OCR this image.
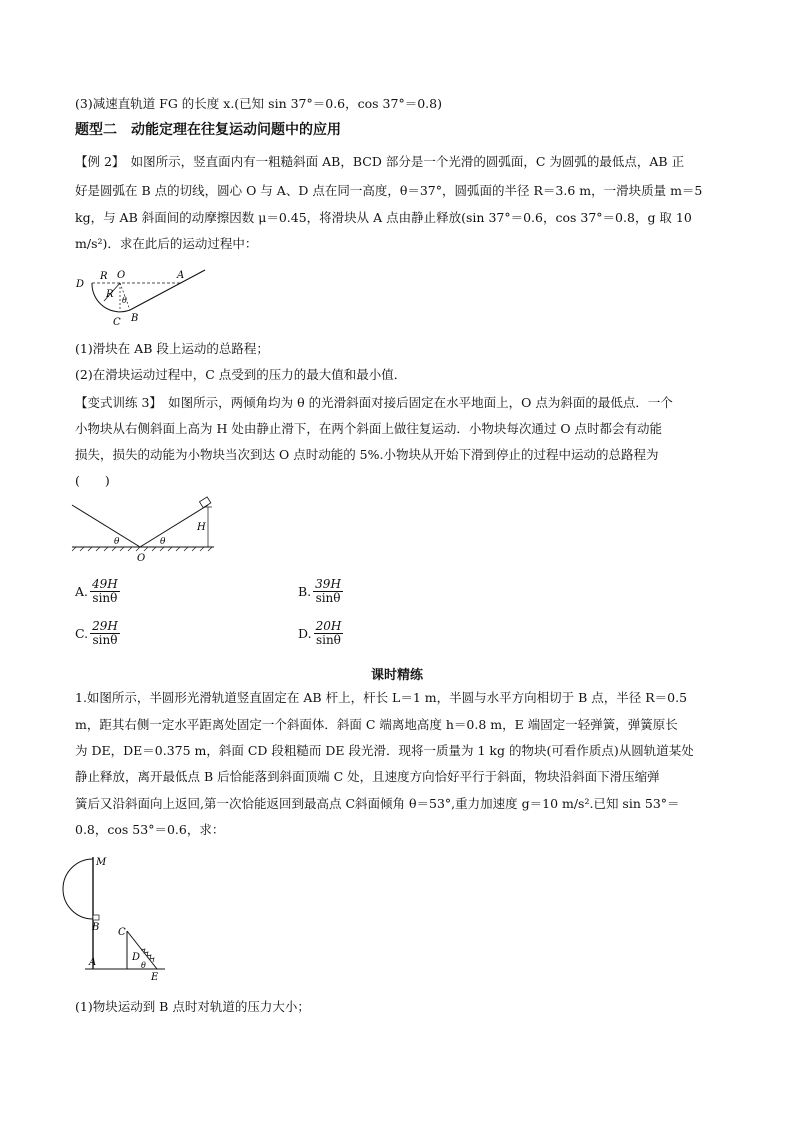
(3)减速直轨道 FG 的长度 x.(已知 sin 37°＝0.6，cos 37°＝0.8)
题型二　动能定理在往复运动问题中的应用
【例 2】　如图所示，竖直面内有一粗糙斜面 AB，BCD 部分是一个光滑的圆弧面，C 为圆弧的最低点，AB 正
好是圆弧在 B 点的切线，圆心 O 与 A、D 点在同一高度，θ＝37°，圆弧面的半径 R＝3.6 m，一滑块质量 m＝5
kg，与 AB 斜面间的动摩擦因数 μ＝0.45，将滑块从 A 点由静止释放(sin 37°＝0.6，cos 37°＝0.8，g 取 10
m/s²)．求在此后的运动过程中：
D
R O	A
R
θ
C B
(1)滑块在 AB 段上运动的总路程；
(2)在滑块运动过程中，C 点受到的压力的最大值和最小值．
【变式训练 3】　如图所示，两倾角均为 θ 的光滑斜面对接后固定在水平地面上，O 点为斜面的最低点．一个
小物块从右侧斜面上高为 H 处由静止滑下，在两个斜面上做往复运动．小物块每次通过 O 点时都会有动能
损失，损失的动能为小物块当次到达 O 点时动能的 5%.小物块从开始下滑到停止的过程中运动的总路程为
(　　)
θ
O
θ
H
A. $\frac{49H}{\sin\theta}$	B. $\frac{39H}{\sin\theta}$
C. $\frac{29H}{\sin\theta}$	D. $\frac{20H}{\sin\theta}$
课时精练
1.如图所示，半圆形光滑轨道竖直固定在 AB 杆上，杆长 L＝1 m，半圆与水平方向相切于 B 点，半径 R＝0.5
m，距其右侧一定水平距离处固定一个斜面体．斜面 C 端离地高度 h＝0.8 m，E 端固定一轻弹簧，弹簧原长
为 DE，DE＝0.375 m，斜面 CD 段粗糙而 DE 段光滑．现将一质量为 1 kg 的物块(可看作质点)从圆轨道某处
静止释放，离开最低点 B 后恰能落到斜面顶端 C 处，且速度方向恰好平行于斜面，物块沿斜面下滑压缩弹
簧后又沿斜面向上返回,第一次恰能返回到最高点 C斜面倾角 θ＝53°,重力加速度 g＝10 m/s².已知 sin 53°＝
0.8，cos 53°＝0.6，求：
M
B
A
C
D
θ
E
(1)物块运动到 B 点时对轨道的压力大小；
